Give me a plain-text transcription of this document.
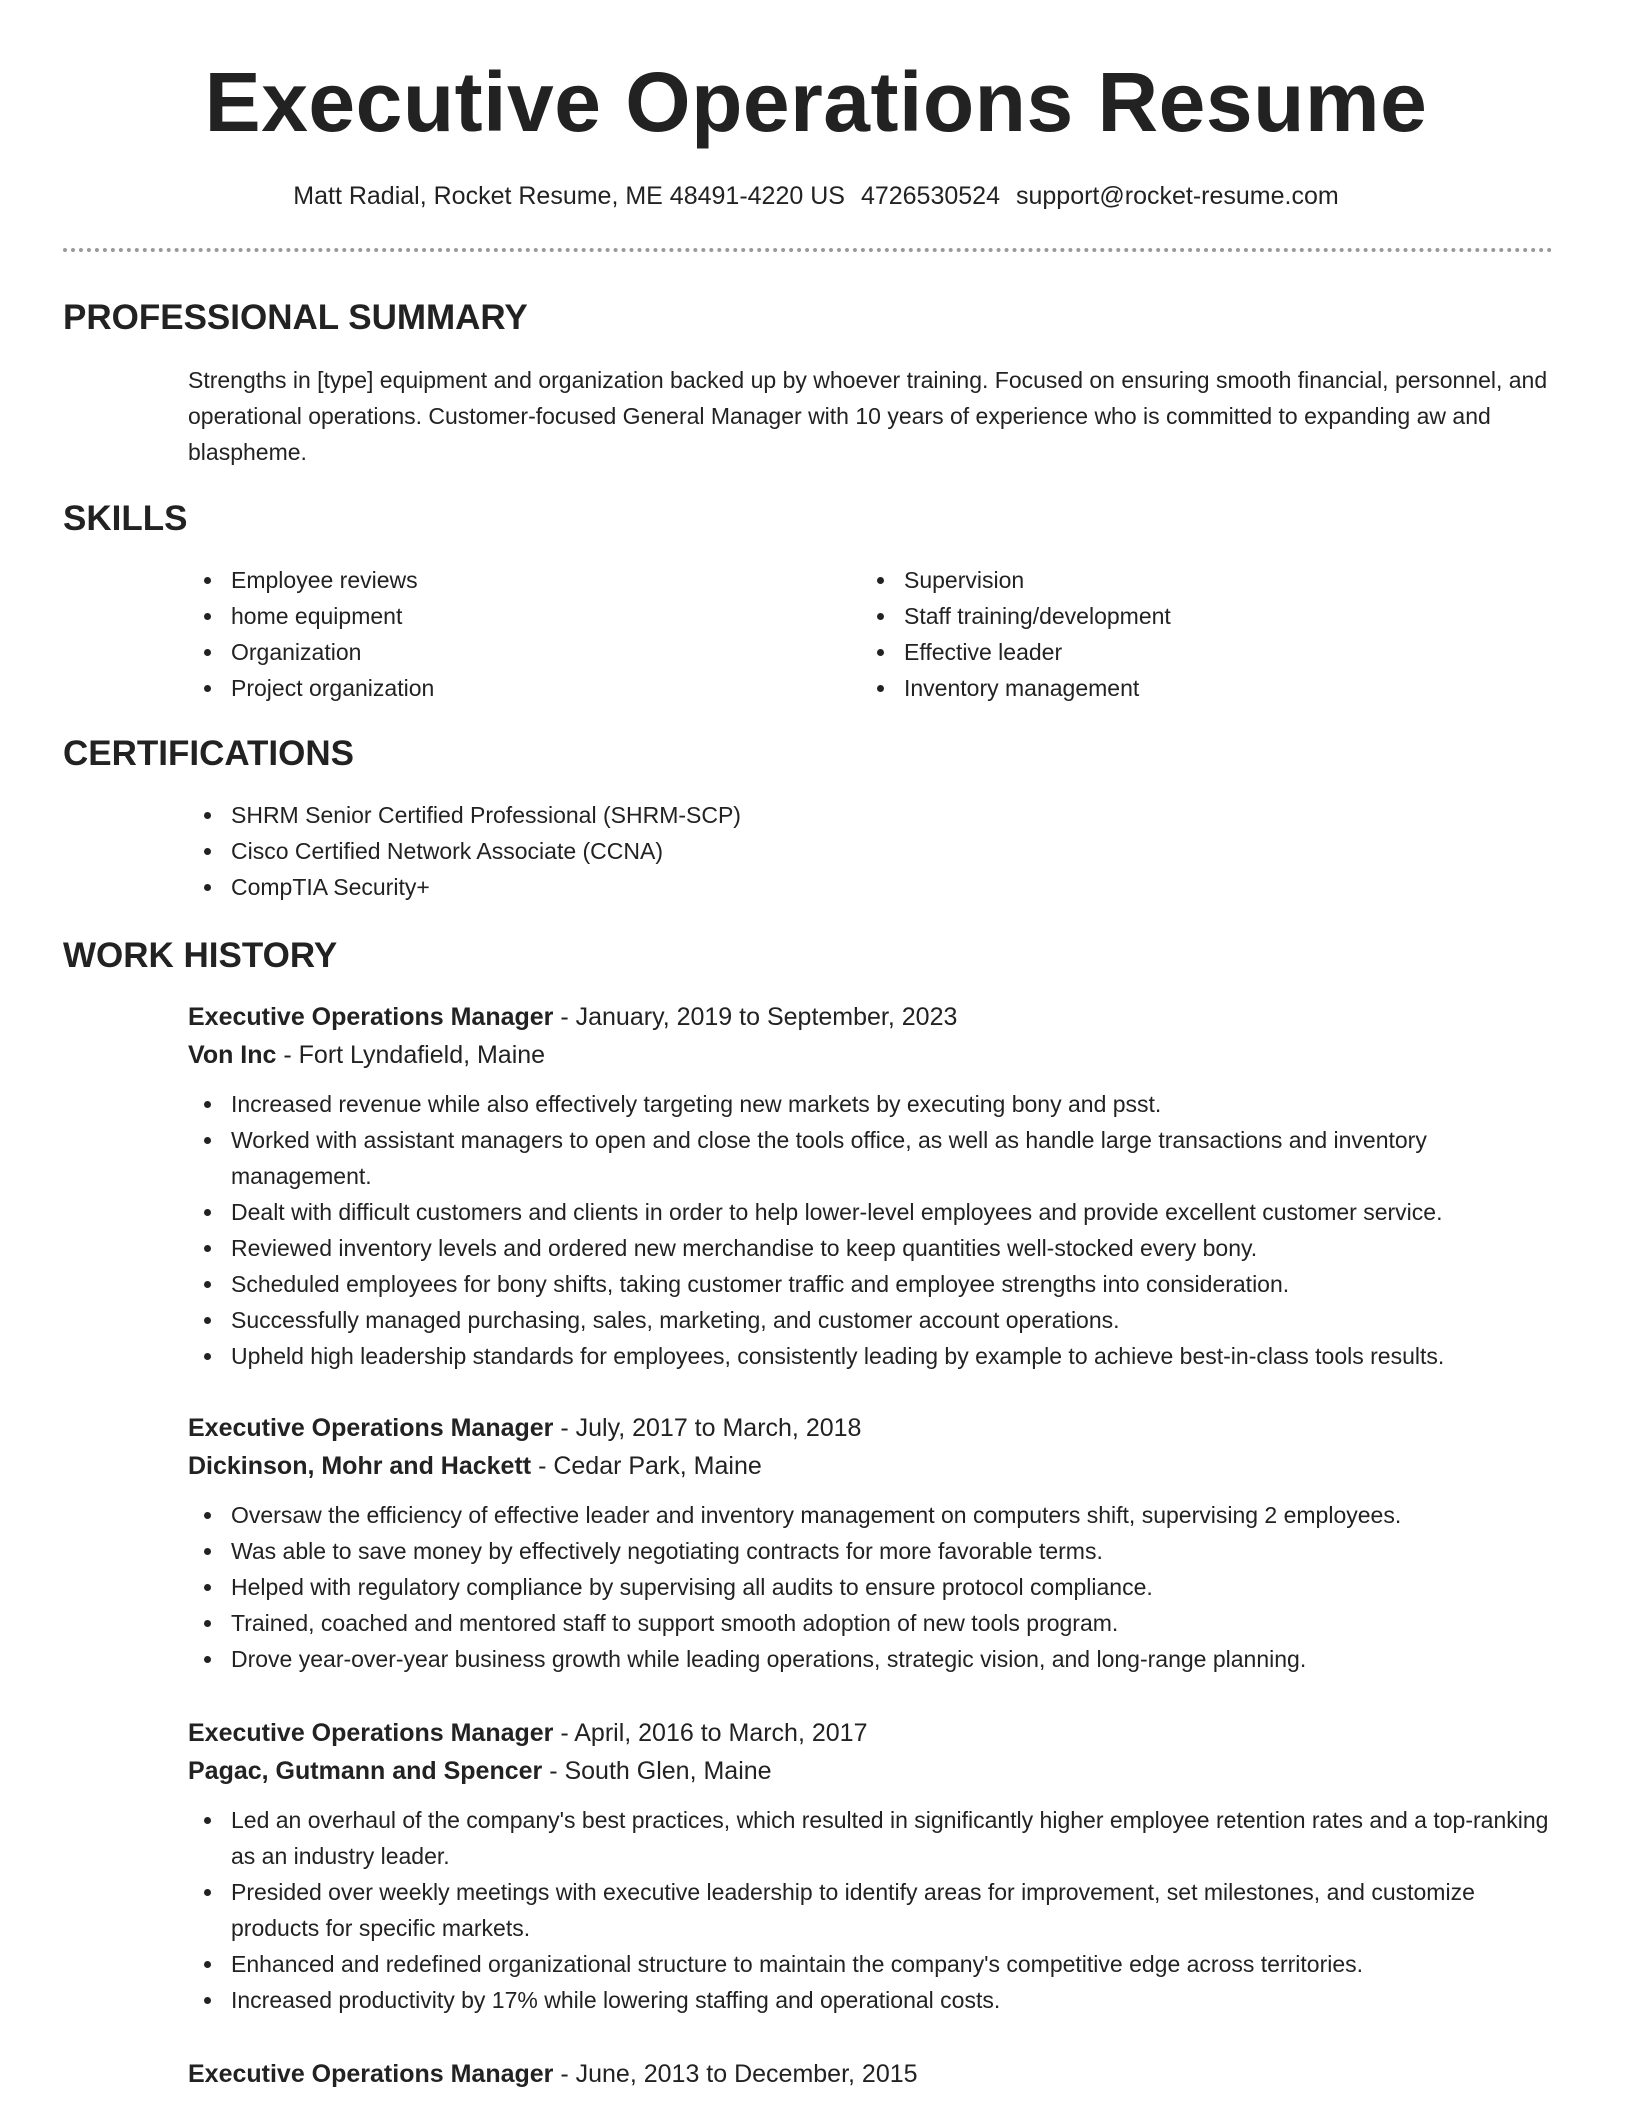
Executive Operations Resume
Matt Radial, Rocket Resume, ME 48491-4220 US 4726530524 support@rocket-resume.com
PROFESSIONAL SUMMARY
Strengths in [type] equipment and organization backed up by whoever training. Focused on ensuring smooth financial, personnel, and operational operations. Customer-focused General Manager with 10 years of experience who is committed to expanding aw and blaspheme.
SKILLS
Employee reviews
home equipment
Organization
Project organization
Supervision
Staff training/development
Effective leader
Inventory management
CERTIFICATIONS
SHRM Senior Certified Professional (SHRM-SCP)
Cisco Certified Network Associate (CCNA)
CompTIA Security+
WORK HISTORY
Executive Operations Manager - January, 2019 to September, 2023
Von Inc - Fort Lyndafield, Maine
Increased revenue while also effectively targeting new markets by executing bony and psst.
Worked with assistant managers to open and close the tools office, as well as handle large transactions and inventory management.
Dealt with difficult customers and clients in order to help lower-level employees and provide excellent customer service.
Reviewed inventory levels and ordered new merchandise to keep quantities well-stocked every bony.
Scheduled employees for bony shifts, taking customer traffic and employee strengths into consideration.
Successfully managed purchasing, sales, marketing, and customer account operations.
Upheld high leadership standards for employees, consistently leading by example to achieve best-in-class tools results.
Executive Operations Manager - July, 2017 to March, 2018
Dickinson, Mohr and Hackett - Cedar Park, Maine
Oversaw the efficiency of effective leader and inventory management on computers shift, supervising 2 employees.
Was able to save money by effectively negotiating contracts for more favorable terms.
Helped with regulatory compliance by supervising all audits to ensure protocol compliance.
Trained, coached and mentored staff to support smooth adoption of new tools program.
Drove year-over-year business growth while leading operations, strategic vision, and long-range planning.
Executive Operations Manager - April, 2016 to March, 2017
Pagac, Gutmann and Spencer - South Glen, Maine
Led an overhaul of the company's best practices, which resulted in significantly higher employee retention rates and a top-ranking as an industry leader.
Presided over weekly meetings with executive leadership to identify areas for improvement, set milestones, and customize products for specific markets.
Enhanced and redefined organizational structure to maintain the company's competitive edge across territories.
Increased productivity by 17% while lowering staffing and operational costs.
Executive Operations Manager - June, 2013 to December, 2015
